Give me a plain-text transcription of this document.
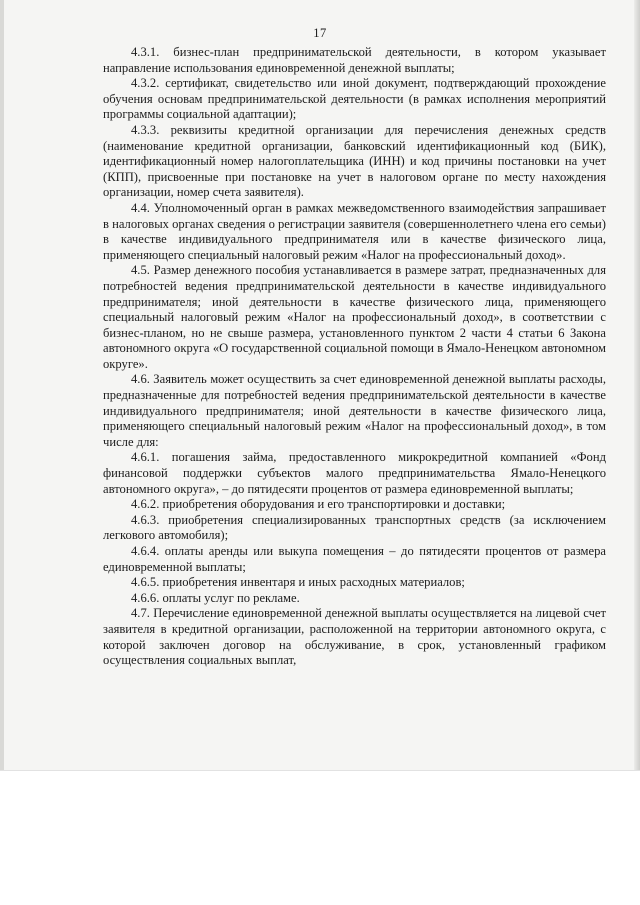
17

4.3.1. бизнес-план предпринимательской деятельности, в котором указывает направление использования единовременной денежной выплаты;

4.3.2. сертификат, свидетельство или иной документ, подтверждающий прохождение обучения основам предпринимательской деятельности (в рамках исполнения мероприятий программы социальной адаптации);

4.3.3. реквизиты кредитной организации для перечисления денежных средств (наименование кредитной организации, банковский идентификационный код (БИК), идентификационный номер налогоплательщика (ИНН) и код причины постановки на учет (КПП), присвоенные при постановке на учет в налоговом органе по месту нахождения организации, номер счета заявителя).

4.4. Уполномоченный орган в рамках межведомственного взаимодействия запрашивает в налоговых органах сведения о регистрации заявителя (совершеннолетнего члена его семьи) в качестве индивидуального предпринимателя или в качестве физического лица, применяющего специальный налоговый режим «Налог на профессиональный доход».

4.5. Размер денежного пособия устанавливается в размере затрат, предназначенных для потребностей ведения предпринимательской деятельности в качестве индивидуального предпринимателя; иной деятельности в качестве физического лица, применяющего специальный налоговый режим «Налог на профессиональный доход», в соответствии с бизнес-планом, но не свыше размера, установленного пунктом 2 части 4 статьи 6 Закона автономного округа «О государственной социальной помощи в Ямало-Ненецком автономном округе».

4.6. Заявитель может осуществить за счет единовременной денежной выплаты расходы, предназначенные для потребностей ведения предпринимательской деятельности в качестве индивидуального предпринимателя; иной деятельности в качестве физического лица, применяющего специальный налоговый режим «Налог на профессиональный доход», в том числе для:

4.6.1. погашения займа, предоставленного микрокредитной компанией «Фонд финансовой поддержки субъектов малого предпринимательства Ямало-Ненецкого автономного округа», – до пятидесяти процентов от размера единовременной выплаты;

4.6.2. приобретения оборудования и его транспортировки и доставки;

4.6.3. приобретения специализированных транспортных средств (за исключением легкового автомобиля);

4.6.4. оплаты аренды или выкупа помещения – до пятидесяти процентов от размера единовременной выплаты;

4.6.5. приобретения инвентаря и иных расходных материалов;

4.6.6. оплаты услуг по рекламе.

4.7. Перечисление единовременной денежной выплаты осуществляется на лицевой счет заявителя в кредитной организации, расположенной на территории автономного округа, с которой заключен договор на обслуживание, в срок, установленный графиком осуществления социальных выплат,
